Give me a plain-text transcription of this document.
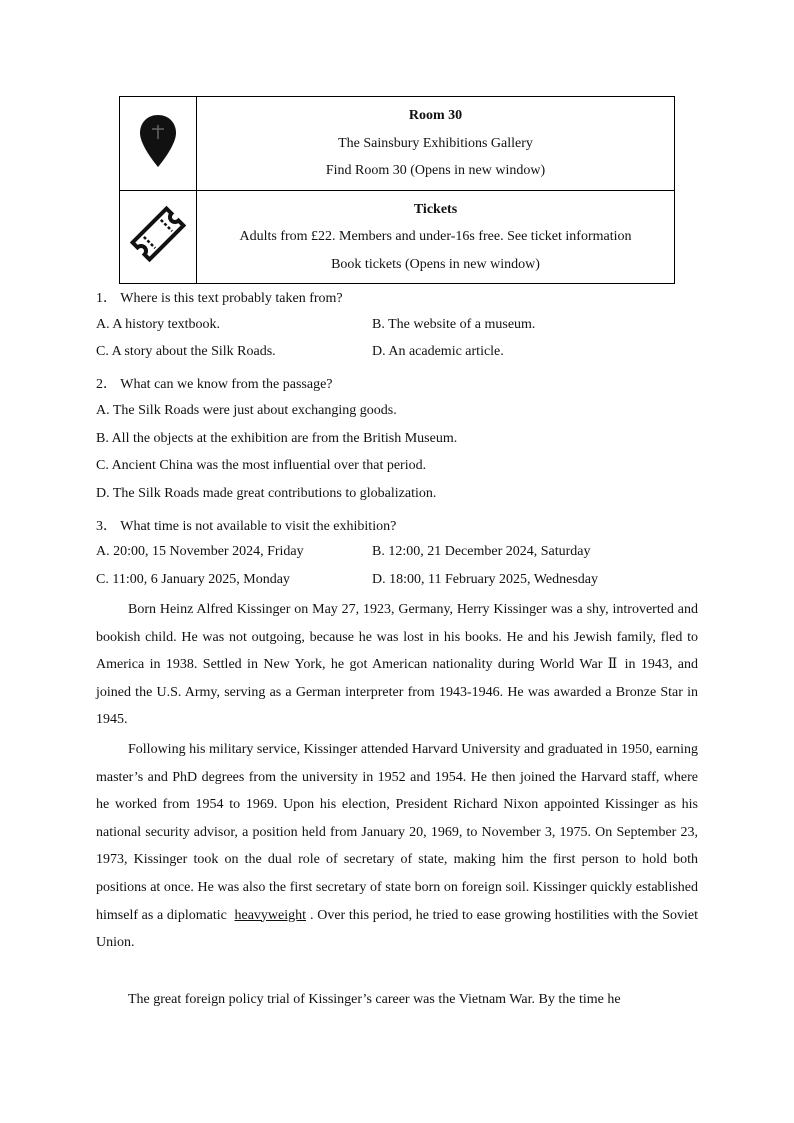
Room 30
The Sainsbury Exhibitions Gallery
Find Room 30 (Opens in new window)

Tickets
Adults from £22. Members and under-16s free. See ticket information
Book tickets (Opens in new window)
1． Where is this text probably taken from?
A. A history textbook.	B. The website of a museum.
C. A story about the Silk Roads.	D. An academic article.
2． What can we know from the passage?
A. The Silk Roads were just about exchanging goods.
B. All the objects at the exhibition are from the British Museum.
C. Ancient China was the most influential over that period.
D. The Silk Roads made great contributions to globalization.
3． What time is not available to visit the exhibition?
A. 20:00, 15 November 2024, Friday	B. 12:00, 21 December 2024, Saturday
C. 11:00, 6 January 2025, Monday	D. 18:00, 11 February 2025, Wednesday
Born Heinz Alfred Kissinger on May 27, 1923, Germany, Herry Kissinger was a shy, introverted and bookish child. He was not outgoing, because he was lost in his books. He and his Jewish family, fled to America in 1938. Settled in New York, he got American nationality during World War Ⅱ in 1943, and joined the U.S. Army, serving as a German interpreter from 1943-1946. He was awarded a Bronze Star in 1945.
Following his military service, Kissinger attended Harvard University and graduated in 1950, earning master’s and PhD degrees from the university in 1952 and 1954. He then joined the Harvard staff, where he worked from 1954 to 1969. Upon his election, President Richard Nixon appointed Kissinger as his national security advisor, a position held from January 20, 1969, to November 3, 1975. On September 23, 1973, Kissinger took on the dual role of secretary of state, making him the first person to hold both positions at once. He was also the first secretary of state born on foreign soil. Kissinger quickly established himself as a diplomatic heavyweight . Over this period, he tried to ease growing hostilities with the Soviet Union.
The great foreign policy trial of Kissinger’s career was the Vietnam War. By the time he
